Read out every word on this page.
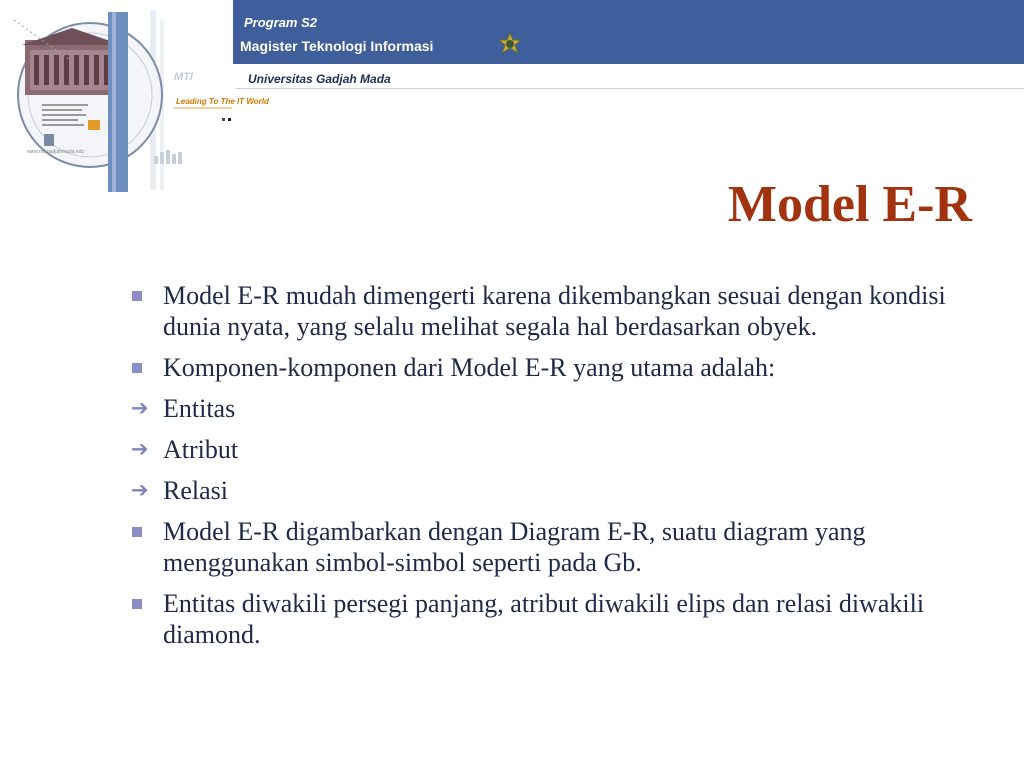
MTI
Leading To The IT World
www.mti.gadjahmada.edu
Program S2
Magister Teknologi Informasi
Universitas Gadjah Mada
Model E-R
Model E-R mudah dimengerti karena dikembangkan sesuai dengan kondisi dunia nyata, yang selalu melihat segala hal berdasarkan obyek.
Komponen-komponen dari Model E-R yang utama adalah:
➔ Entitas
➔ Atribut
➔ Relasi
Model E-R digambarkan dengan Diagram E-R, suatu diagram yang menggunakan simbol-simbol seperti pada Gb.
Entitas diwakili persegi panjang, atribut diwakili elips dan relasi diwakili diamond.
